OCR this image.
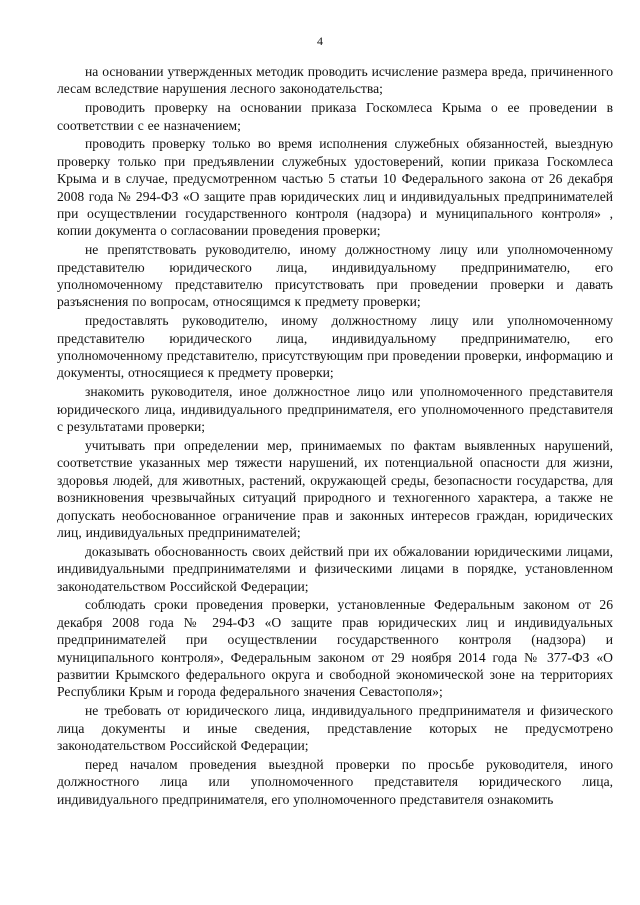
4

на основании утвержденных методик проводить исчисление размера вреда, причиненного лесам вследствие нарушения лесного законодательства;

проводить проверку на основании приказа Госкомлеса Крыма о ее проведении в соответствии с ее назначением;

проводить проверку только во время исполнения служебных обязанностей, выездную проверку только при предъявлении служебных удостоверений, копии приказа Госкомлеса Крыма и в случае, предусмотренном частью 5 статьи 10 Федерального закона от 26 декабря 2008 года № 294-ФЗ «О защите прав юридических лиц и индивидуальных предпринимателей при осуществлении государственного контроля (надзора) и муниципального контроля» , копии документа о согласовании проведения проверки;

не препятствовать руководителю, иному должностному лицу или уполномоченному представителю юридического лица, индивидуальному предпринимателю, его уполномоченному представителю присутствовать при проведении проверки и давать разъяснения по вопросам, относящимся к предмету проверки;

предоставлять руководителю, иному должностному лицу или уполномоченному представителю юридического лица, индивидуальному предпринимателю, его уполномоченному представителю, присутствующим при проведении проверки, информацию и документы, относящиеся к предмету проверки;

знакомить руководителя, иное должностное лицо или уполномоченного представителя юридического лица, индивидуального предпринимателя, его уполномоченного представителя с результатами проверки;

учитывать при определении мер, принимаемых по фактам выявленных нарушений, соответствие указанных мер тяжести нарушений, их потенциальной опасности для жизни, здоровья людей, для животных, растений, окружающей среды, безопасности государства, для возникновения чрезвычайных ситуаций природного и техногенного характера, а также не допускать необоснованное ограничение прав и законных интересов граждан, юридических лиц, индивидуальных предпринимателей;

доказывать обоснованность своих действий при их обжаловании юридическими лицами, индивидуальными предпринимателями и физическими лицами в порядке, установленном законодательством Российской Федерации;

соблюдать сроки проведения проверки, установленные Федеральным законом от 26 декабря 2008 года № 294-ФЗ «О защите прав юридических лиц и индивидуальных предпринимателей при осуществлении государственного контроля (надзора) и муниципального контроля», Федеральным законом от 29 ноября 2014 года № 377-ФЗ «О развитии Крымского федерального округа и свободной экономической зоне на территориях Республики Крым и города федерального значения Севастополя»;

не требовать от юридического лица, индивидуального предпринимателя и физического лица документы и иные сведения, представление которых не предусмотрено законодательством Российской Федерации;

перед началом проведения выездной проверки по просьбе руководителя, иного должностного лица или уполномоченного представителя юридического лица, индивидуального предпринимателя, его уполномоченного представителя ознакомить
